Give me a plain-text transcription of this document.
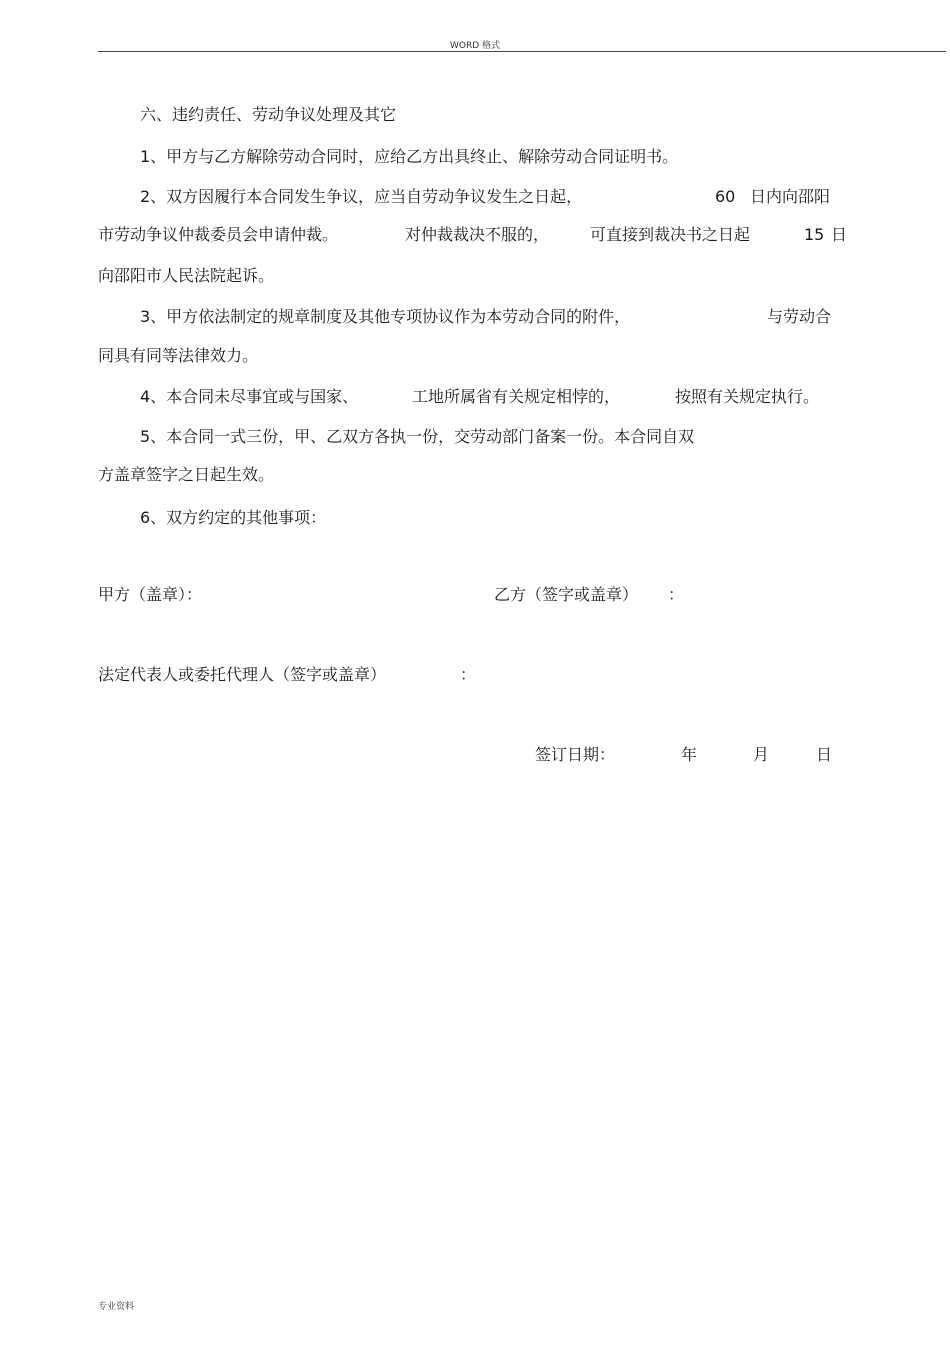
WORD 格式
六、违约责任、劳动争议处理及其它
1、甲方与乙方解除劳动合同时，应给乙方出具终止、解除劳动合同证明书。
2、双方因履行本合同发生争议，应当自劳动争议发生之日起，	60 日内向邵阳
市劳动争议仲裁委员会申请仲裁。	对仲裁裁决不服的，	可直接到裁决书之日起	15 日
向邵阳市人民法院起诉。
3、甲方依法制定的规章制度及其他专项协议作为本劳动合同的附件，	与劳动合
同具有同等法律效力。
4、本合同未尽事宜或与国家、	工地所属省有关规定相悖的，	按照有关规定执行。
5、本合同一式三份，甲、乙双方各执一份，交劳动部门备案一份。本合同自双
方盖章签字之日起生效。
6、双方约定的其他事项：
甲方（盖章）：	乙方（签字或盖章） ：
法定代表人或委托代理人（签字或盖章）	：
签订日期：	年	月	日
专业资料
